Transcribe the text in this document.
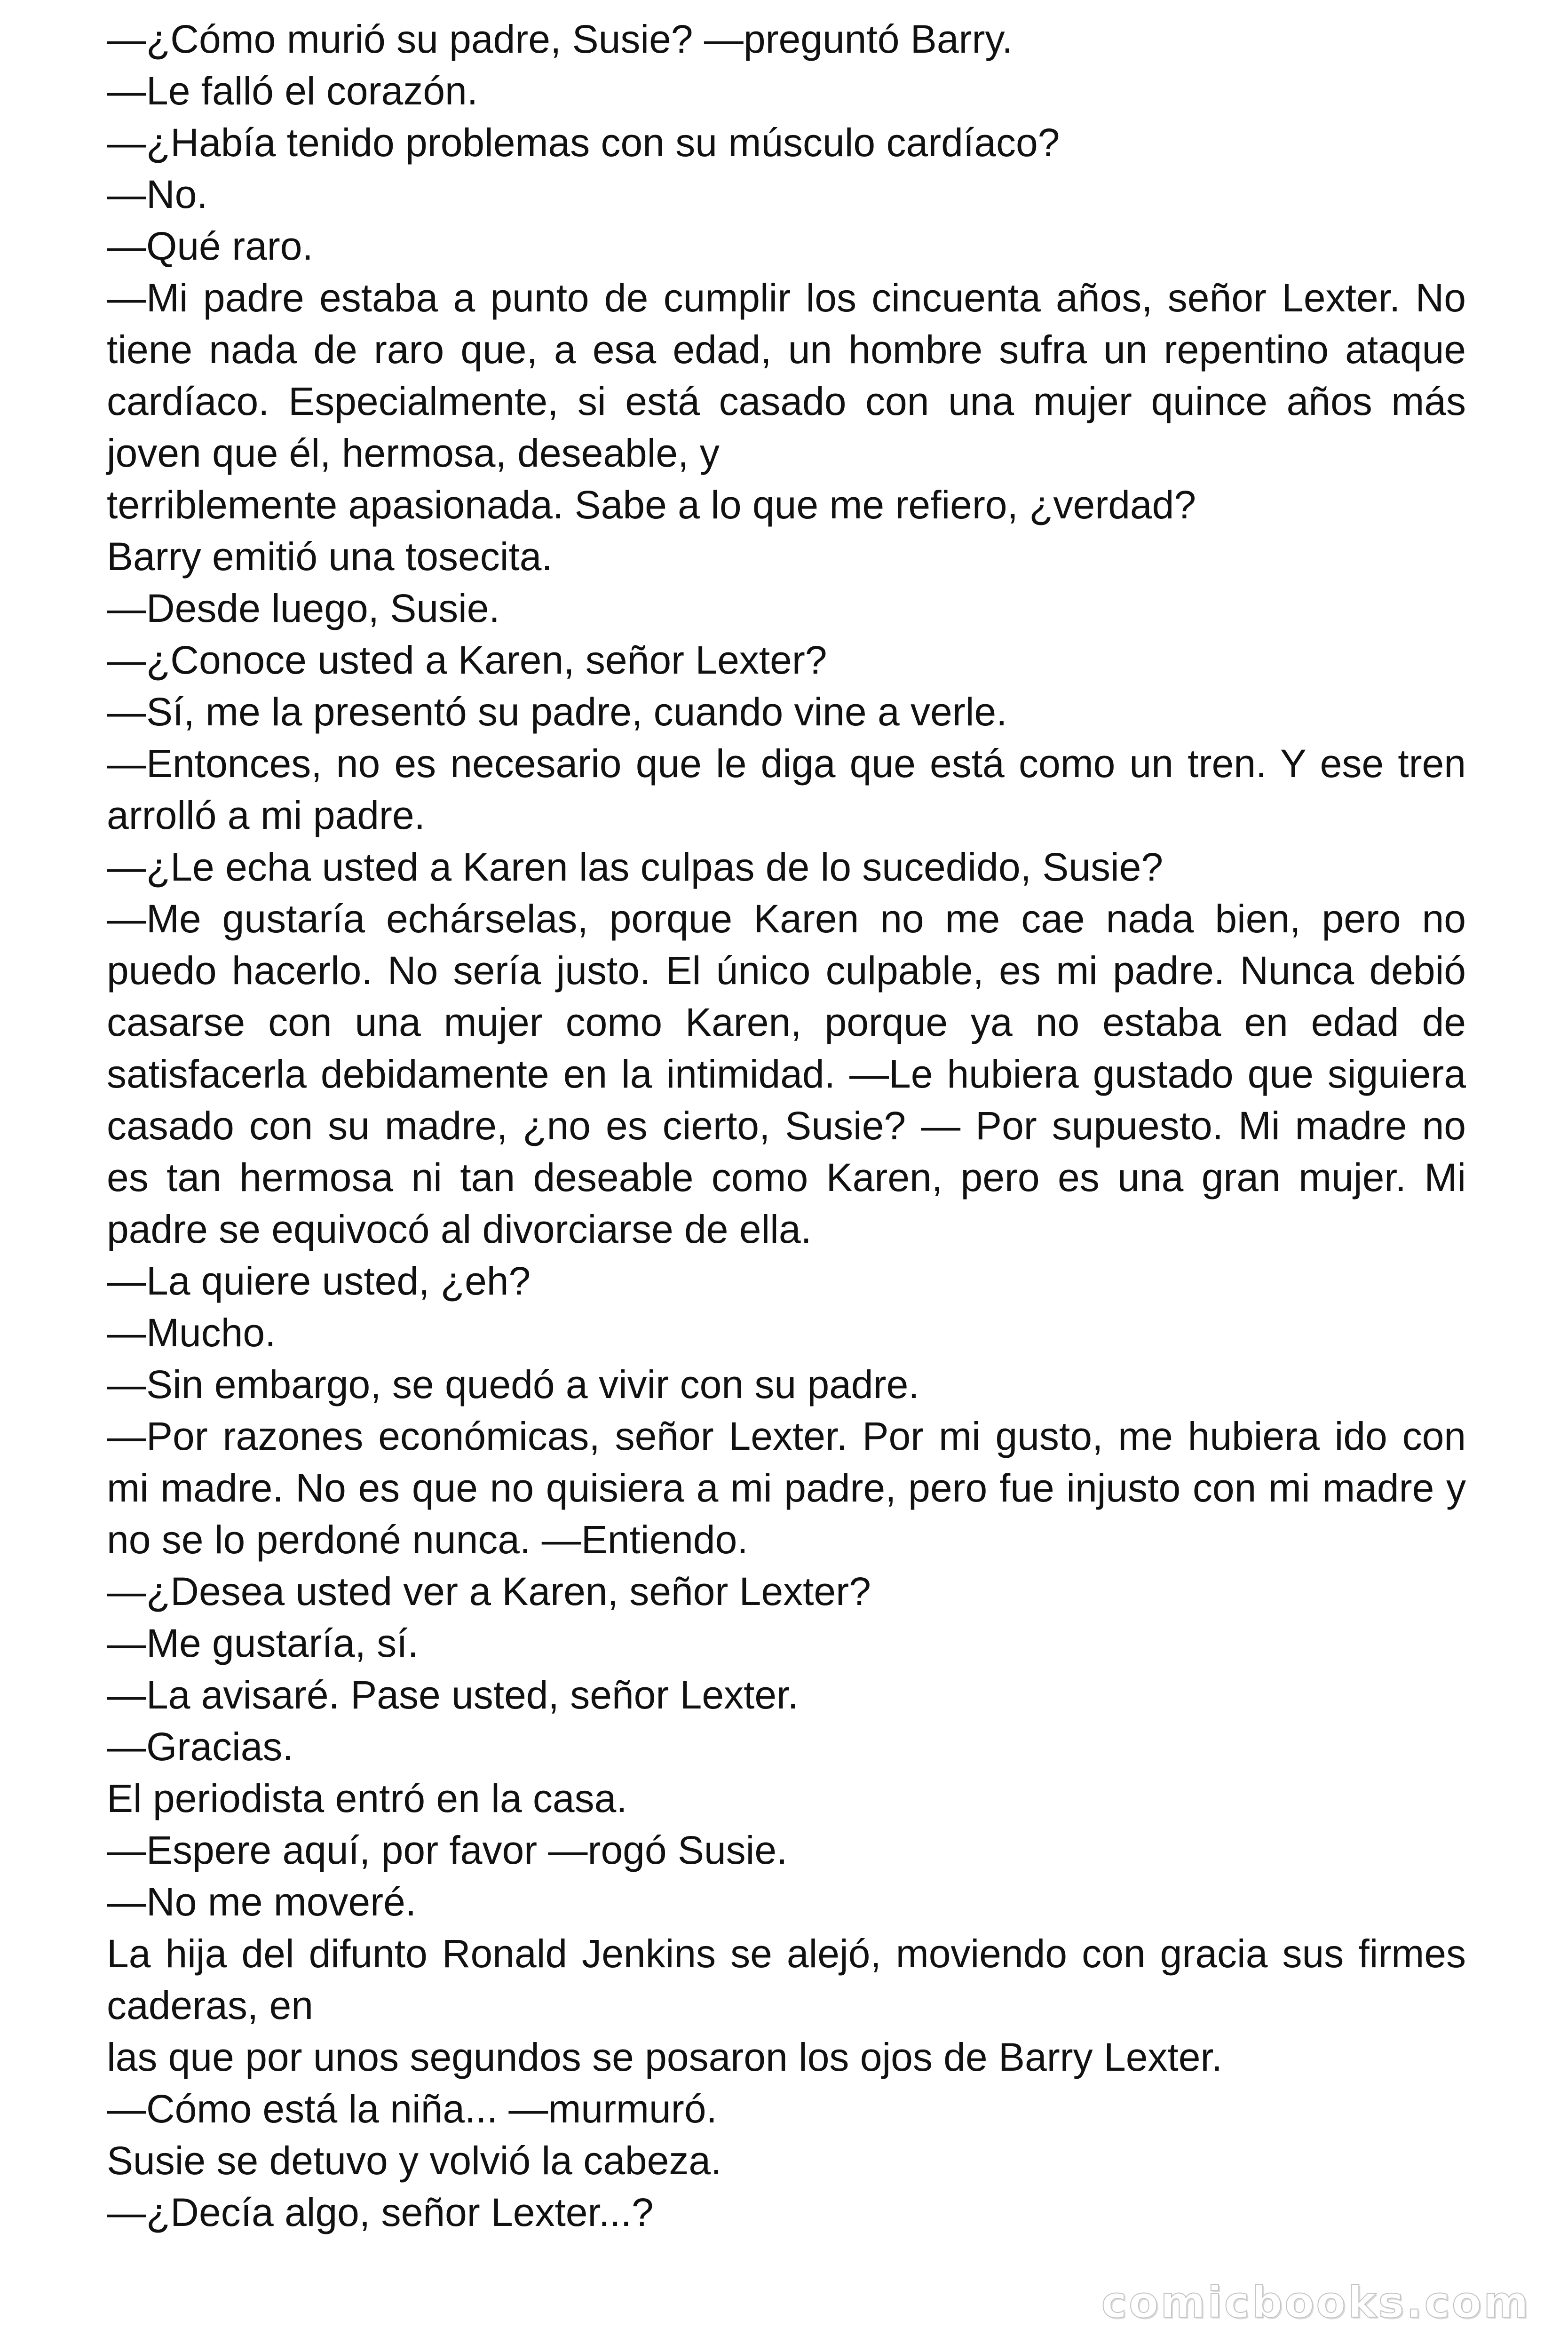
—¿Cómo murió su padre, Susie? —preguntó Barry.

—Le falló el corazón.

—¿Había tenido problemas con su músculo cardíaco?

—No.

—Qué raro.

—Mi padre estaba a punto de cumplir los cincuenta años, señor Lexter. No tiene nada de raro que, a esa edad, un hombre sufra un repentino ataque cardíaco. Especialmente, si está casado con una mujer quince años más joven que él, hermosa, deseable, y

terriblemente apasionada. Sabe a lo que me refiero, ¿verdad?

Barry emitió una tosecita.

—Desde luego, Susie.

—¿Conoce usted a Karen, señor Lexter?

—Sí, me la presentó su padre, cuando vine a verle.

—Entonces, no es necesario que le diga que está como un tren. Y ese tren arrolló a mi padre.

—¿Le echa usted a Karen las culpas de lo sucedido, Susie?

—Me gustaría echárselas, porque Karen no me cae nada bien, pero no puedo hacerlo. No sería justo. El único culpable, es mi padre. Nunca debió casarse con una mujer como Karen, porque ya no estaba en edad de satisfacerla debidamente en la intimidad. —Le hubiera gustado que siguiera casado con su madre, ¿no es cierto, Susie? — Por supuesto. Mi madre no es tan hermosa ni tan deseable como Karen, pero es una gran mujer. Mi padre se equivocó al divorciarse de ella.

—La quiere usted, ¿eh?

—Mucho.

—Sin embargo, se quedó a vivir con su padre.

—Por razones económicas, señor Lexter. Por mi gusto, me hubiera ido con mi madre. No es que no quisiera a mi padre, pero fue injusto con mi madre y no se lo perdoné nunca. —Entiendo.

—¿Desea usted ver a Karen, señor Lexter?

—Me gustaría, sí.

—La avisaré. Pase usted, señor Lexter.

—Gracias.

El periodista entró en la casa.

—Espere aquí, por favor —rogó Susie.

—No me moveré.

La hija del difunto Ronald Jenkins se alejó, moviendo con gracia sus firmes caderas, en

las que por unos segundos se posaron los ojos de Barry Lexter.

—Cómo está la niña... —murmuró.

Susie se detuvo y volvió la cabeza.

—¿Decía algo, señor Lexter...?

comicbooks.com
